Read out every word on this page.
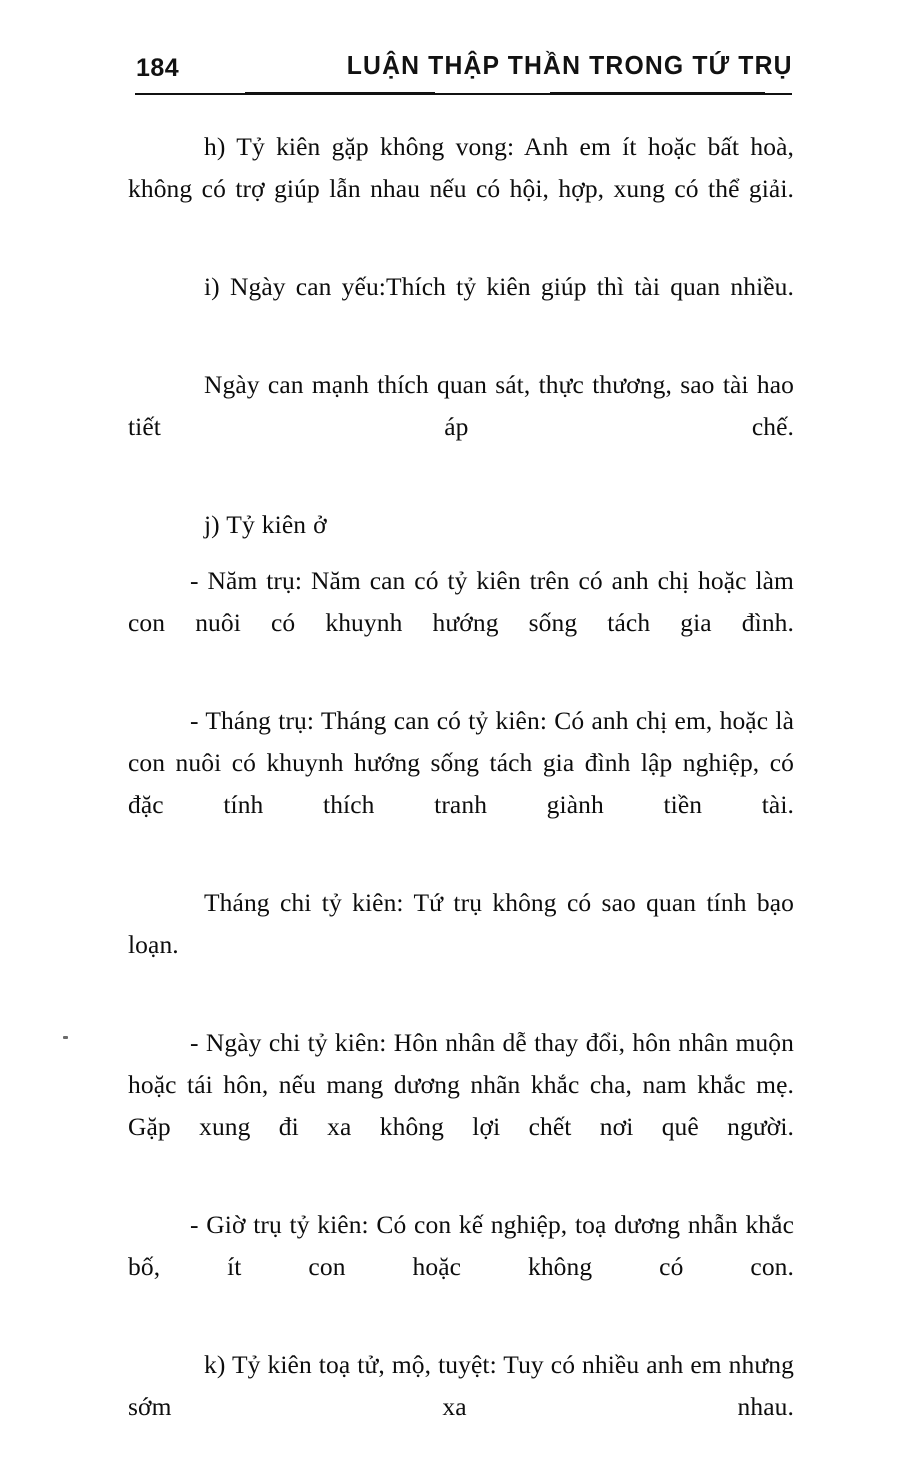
184	LUẬN THẬP THẦN TRONG TỨ TRỤ

h) Tỷ kiên gặp không vong: Anh em ít hoặc bất hoà, không có trợ giúp lẫn nhau nếu có hội, hợp, xung có thể giải.

i) Ngày can yếu:Thích tỷ kiên giúp thì tài quan nhiều.

Ngày can mạnh thích quan sát, thực thương, sao tài hao tiết áp chế.

j) Tỷ kiên ở

- Năm trụ: Năm can có tỷ kiên trên có anh chị hoặc làm con nuôi có khuynh hướng sống tách gia đình.

- Tháng trụ: Tháng can có tỷ kiên: Có anh chị em, hoặc là con nuôi có khuynh hướng sống tách gia đình lập nghiệp, có đặc tính thích tranh giành tiền tài.

Tháng chi tỷ kiên: Tứ trụ không có sao quan tính bạo loạn.

- Ngày chi tỷ kiên: Hôn nhân dễ thay đổi, hôn nhân muộn hoặc tái hôn, nếu mang dương nhãn khắc cha, nam khắc mẹ. Gặp xung đi xa không lợi chết nơi quê người.

- Giờ trụ tỷ kiên: Có con kế nghiệp, toạ dương nhẫn khắc bố, ít con hoặc không có con.

k) Tỷ kiên toạ tử, mộ, tuyệt: Tuy có nhiều anh em nhưng sớm xa nhau.
